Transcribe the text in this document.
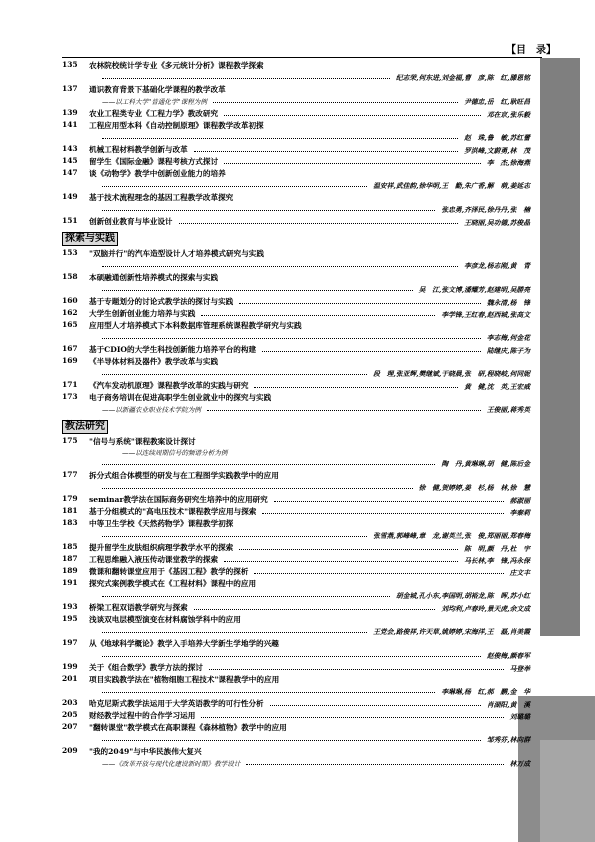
【目　录】
135	农林院校统计学专业《多元统计分析》课程教学探索
纪志荣,何东进,刘金福,曹　彦,陈　红,滕恩铭
137	通识教育背景下基础化学课程的教学改革
——以工科大学"普通化学"课程为例	尹德忠,岳　红,耿旺昌
139	农业工程类专业《工程力学》教改研究	邓在京,张乐毅
141	工程应用型本科《自动控制原理》课程教学改革初探
赵　珠,鲁　敏,苏红蕾
143	机械工程材料教学创新与改革	罗洪峰,文蔚勇,林　茂
145	留学生《国际金融》课程考核方式探讨	李　杰,徐海燕
147	谈《动物学》教学中创新创业能力的培养
温安祥,武佳韵,徐华明,王　勤,朱广香,解　萌,姜延志
149	基于技术流程理念的基因工程教学改革探究
张忠勇,齐泽民,徐丹丹,张　楠
151	创新创业教育与毕业设计	王晓丽,吴功德,苏俊晶
探索与实践
153	"双脑并行"的汽车造型设计人才培养模式研究与实践
李彦龙,杨志刚,黄　青
158	本硕融通创新性培养模式的探索与实践
吴　江,张文博,潘耀芳,赵建明,吴勝亮
160	基于专题划分的讨论式教学法的探讨与实践	魏永清,杨　锋
162	大学生创新创业能力培养与实践	李学锋,王红春,赵西城,张高文
165	应用型人才培养模式下本科数据库管理系统课程教学研究与实践
李志梅,何金花
167	基于CDIO的大学生科技创新能力培养平台的构建	陆继庆,陈子为
169	《半导体材料及器件》教学改革与实践
段　理,张亚辉,樊继斌,于晓晨,张　研,程晓岐,何同妮
171	《汽车发动机原理》课程教学改革的实践与研究	黄　健,沈　英,王宏威
173	电子商务培训在促进高职学生创业就业中的探究与实践
——以新疆农业职业技术学院为例	王俊丽,蒋秀英
教法研究
175	"信号与系统"课程教案设计探讨
——以连续周期信号的频谱分析为例
陶　丹,黄琳琳,胡　健,陈后金
177	拆分式组合体模型的研发与在工程图学实践教学中的应用
徐　健,贺婷婷,姜　杉,杨　林,徐　慧
179	seminar教学法在国际商务研究生培养中的应用研究	郝淑丽
181	基于分组模式的"高电压技术"课程教学应用与探索	李秦莉
183	中等卫生学校《天然药物学》课程教学初探
张雪燕,郭峰峰,章　龙,谢英兰,张　俊,郑丽丽,郑春梅
185	提升留学生皮肤组织病理学教学水平的探索	陈　明,颜　丹,杜　宇
187	工程思维融入液压传动课堂教学的探索	马长林,李　锋,冯永保
189	微课和翻转课堂应用于《基因工程》教学的探析	庄文丰
191	探究式案例教学模式在《工程材料》课程中的应用
胡金城,孔小东,李国明,胡裕龙,陈　晖,苏小红
193	桥梁工程双语教学研究与探索	刘均利,卢春玲,景天虎,余文成
195	浅谈双电层模型演变在材料腐蚀学科中的应用
王党会,路俊祥,许天草,姚婷婷,宋海洋,王　磊,肖美霞
197	从《地球科学概论》教学入手培养大学新生学地学的兴趣
赵俊梅,颜春军
199	关于《组合数学》教学方法的探讨	马登举
201	项目实践教学法在"植物细胞工程技术"课程教学中的应用
李琳琳,杨　红,郝　鹏,金　华
203	哈克尼斯式教学法运用于大学英语教学的可行性分析	肖湖阳,黄　溪
205	财经教学过程中的合作学习运用	刘璐璐
207	"翻转课堂"教学模式在高职课程《森林植物》教学中的应用
邹秀芬,林向群
209	"我的2049"与中华民族伟大复兴
——《改革开放与现代化建设新时期》教学设计	林万成
